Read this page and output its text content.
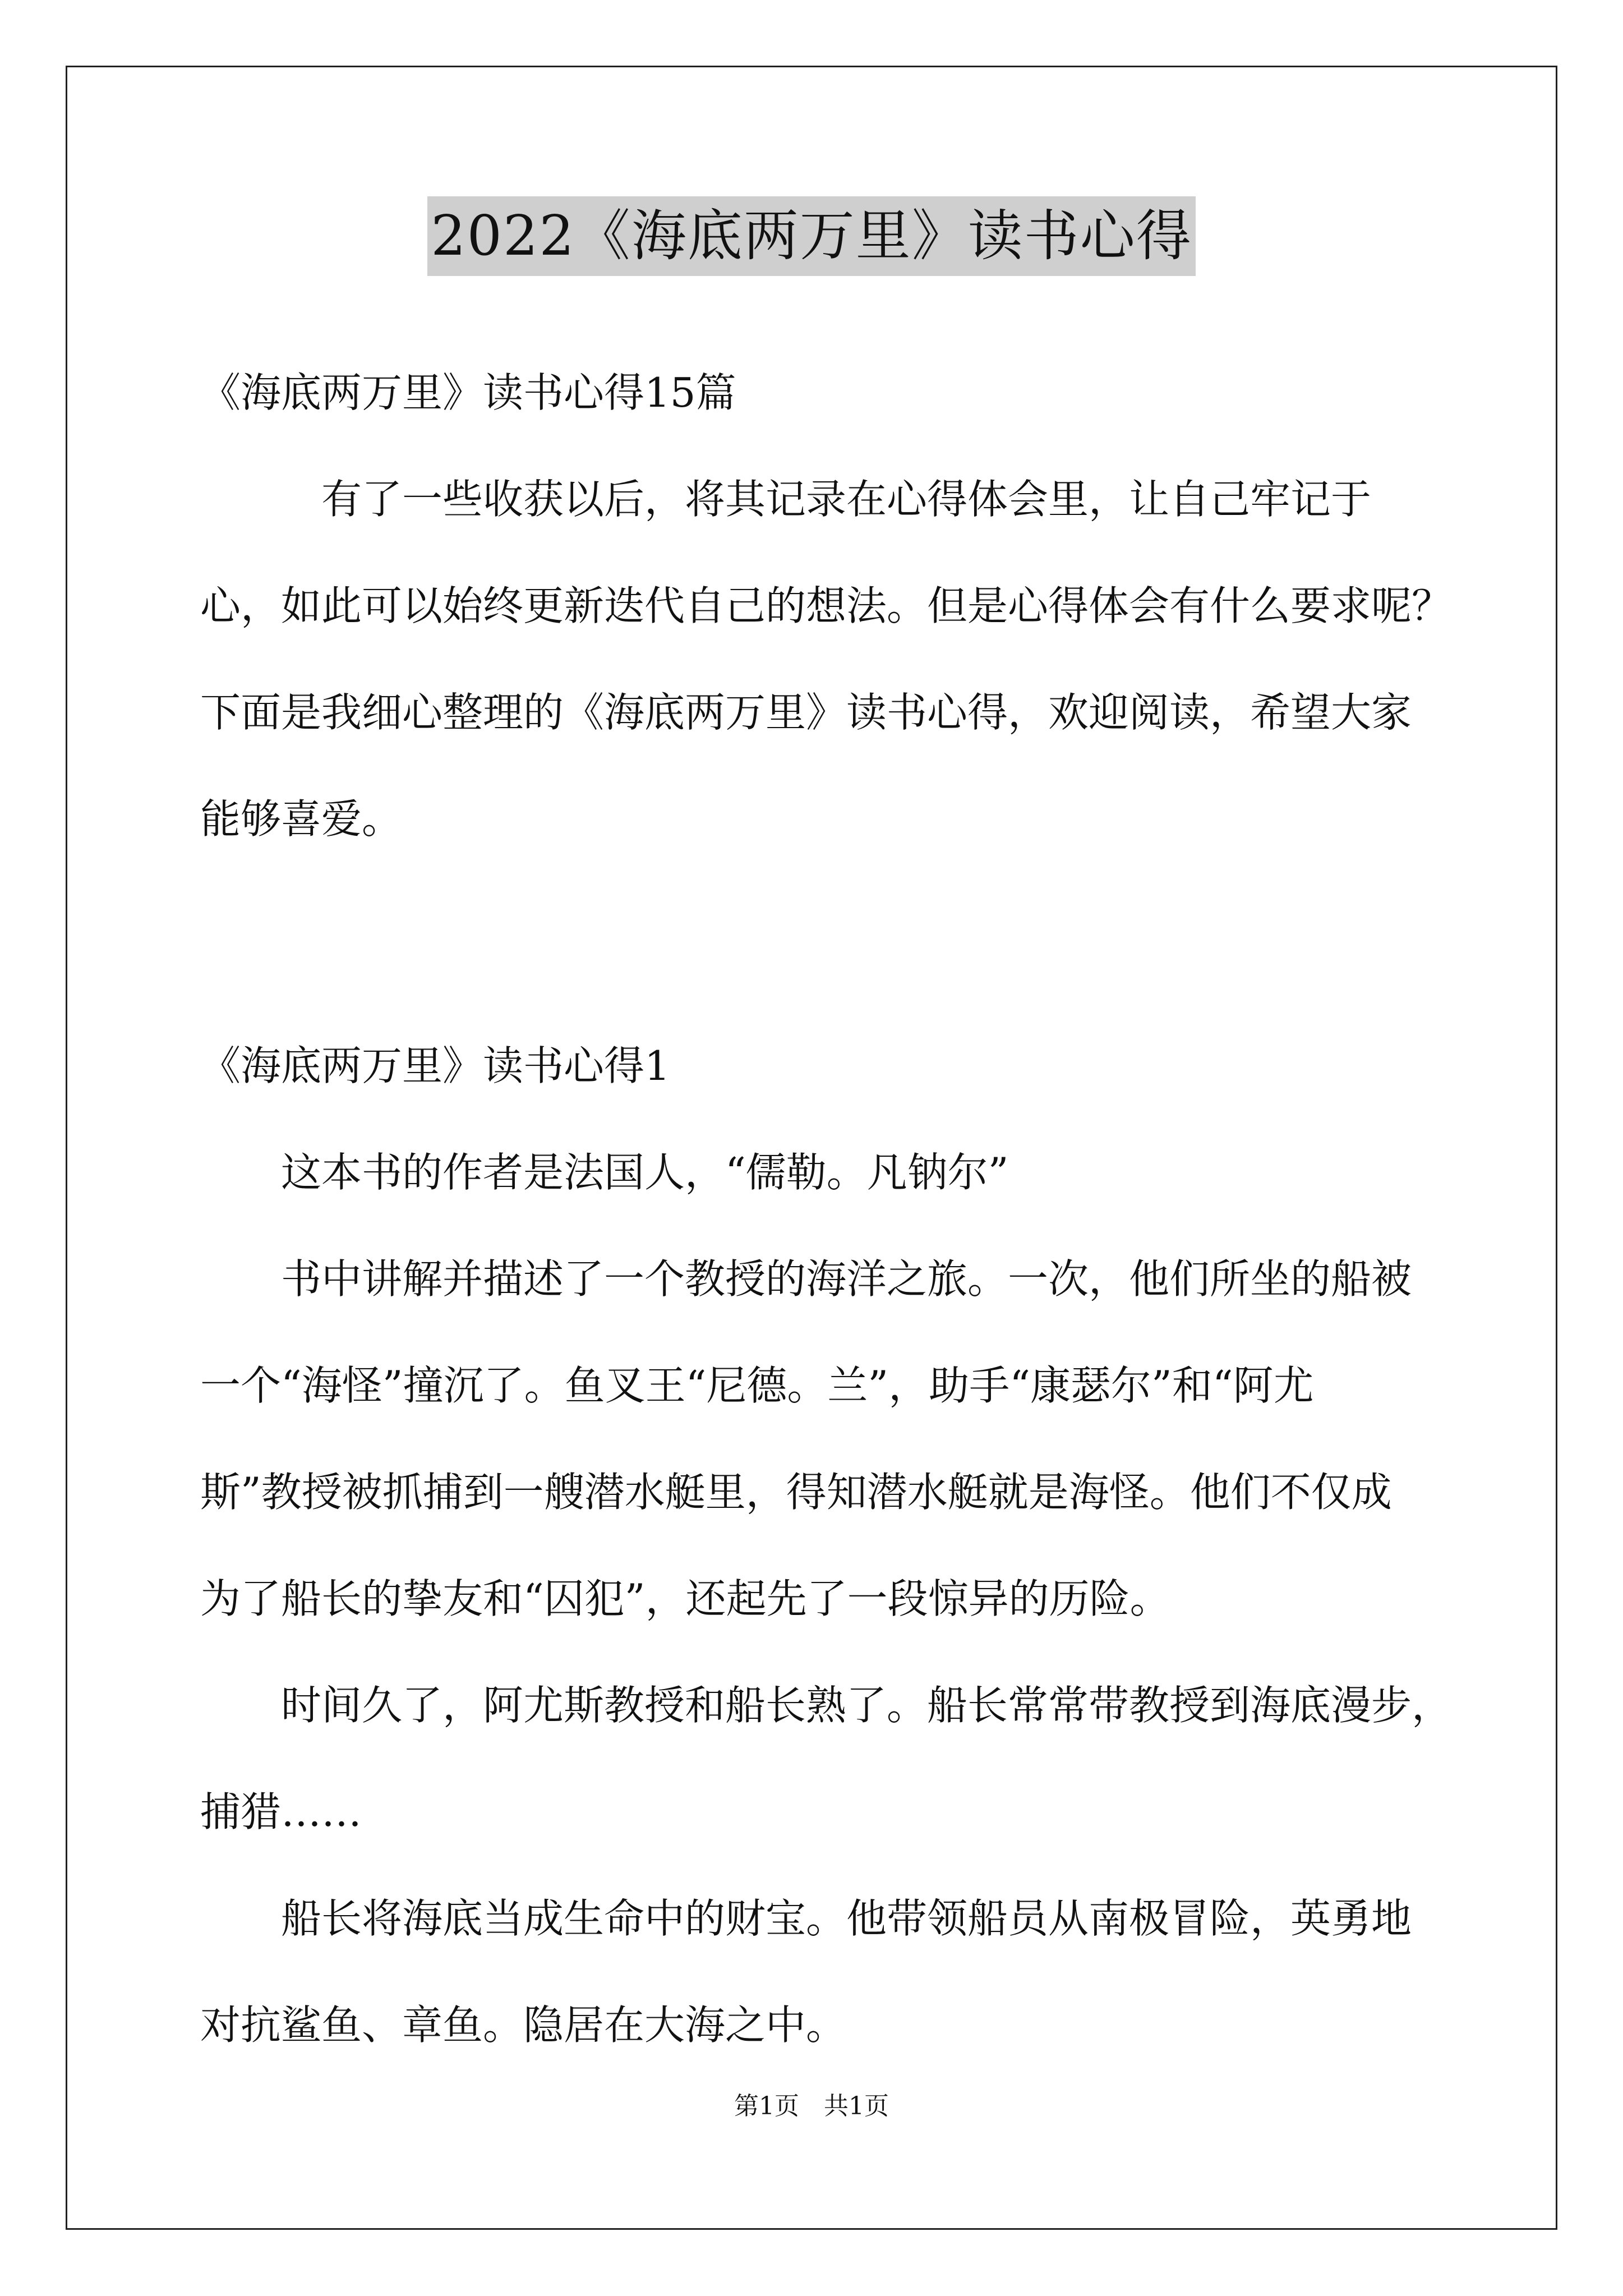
2022《海底两万里》读书心得
《海底两万里》读书心得15篇
　　　有了一些收获以后，将其记录在心得体会里，让自己牢记于
心，如此可以始终更新迭代自己的想法。但是心得体会有什么要求呢？
下面是我细心整理的《海底两万里》读书心得，欢迎阅读，希望大家
能够喜爱。
《海底两万里》读书心得1
　　这本书的作者是法国人，“儒勒。凡钠尔”
　　书中讲解并描述了一个教授的海洋之旅。一次，他们所坐的船被
一个“海怪”撞沉了。鱼叉王“尼德。兰”，助手“康瑟尔”和“阿尤
斯”教授被抓捕到一艘潜水艇里，得知潜水艇就是海怪。他们不仅成
为了船长的挚友和“囚犯”，还起先了一段惊异的历险。
　　时间久了，阿尤斯教授和船长熟了。船长常常带教授到海底漫步，
捕猎……
　　船长将海底当成生命中的财宝。他带领船员从南极冒险，英勇地
对抗鲨鱼、章鱼。隐居在大海之中。
第1页　共1页
